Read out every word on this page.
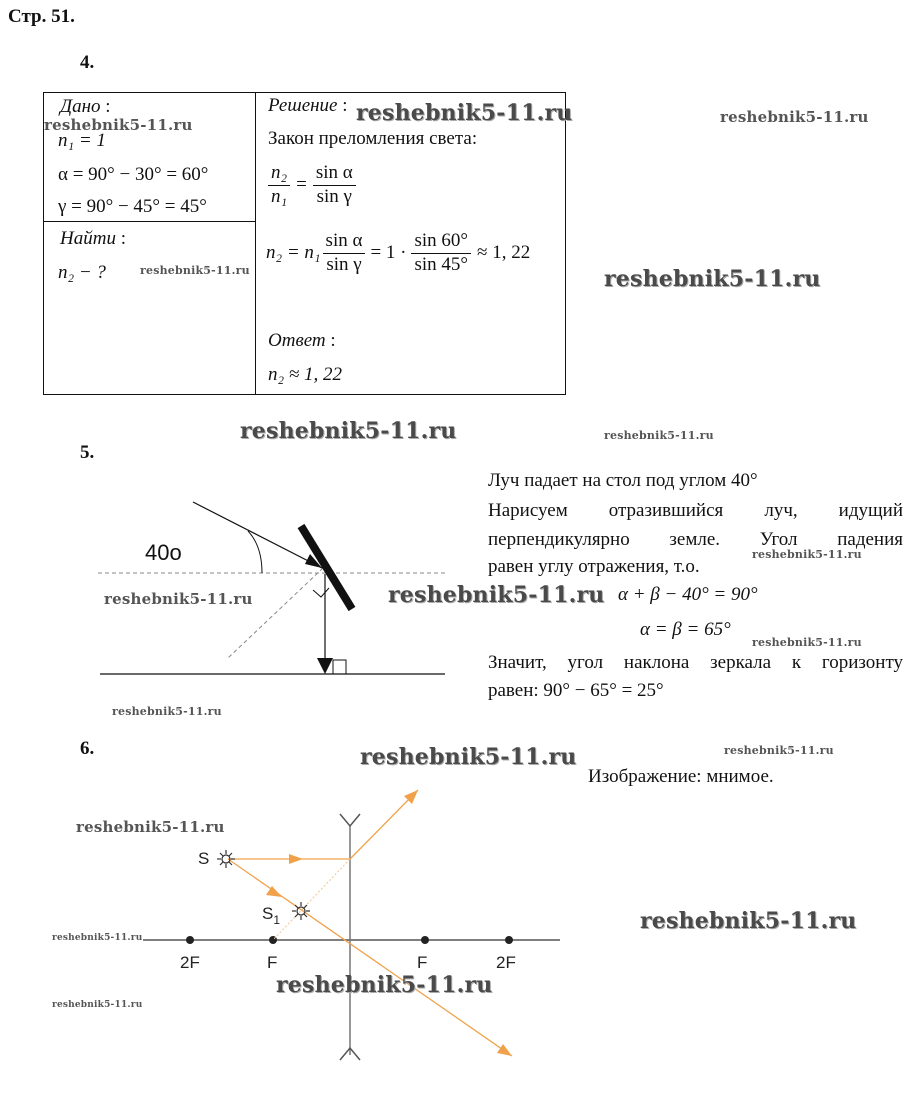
Стр. 51.
4.
Дано :
n₁ = 1
α = 90° − 30° = 60°
γ = 90° − 45° = 45°
Найти :
n₂ − ?
Решение :
Закон преломления света:
$\frac{\text{n₂}}{\text{n₁}} = \frac{\text{sin α}}{\text{sin γ}}$
$n_2 = n_1 \frac{\text{sin α}}{\text{sin γ}} = 1 \cdot \frac{\sin 60^\circ}{\sin 45^\circ} \approx 1$, 22
Ответ :
n₂ ≈ 1, 22
5.
40o
Луч падает на стол под углом 40°
Нарисуем отразившийся луч, идущий
перпендикулярно земле. Угол падения
равен углу отражения, т.о.
α + β − 40° = 90°
α = β = 65°
Значит, угол наклона зеркала к горизонту
равен: 90° − 65° = 25°
6.
Изображение: мнимое.
2F	F	F	2F
S
$S_1$
reshebnik5-11.ru	reshebnik5-11.ru	reshebnik5-11.ru
reshebnik5-11.ru	reshebnik5-11.ru
reshebnik5-11.ru	reshebnik5-11.ru
reshebnik5-11.ru
reshebnik5-11.ru	reshebnik5-11.ru
reshebnik5-11.ru
reshebnik5-11.ru
reshebnik5-11.ru	reshebnik5-11.ru
reshebnik5-11.ru
reshebnik5-11.ru
reshebnik5-11.ru
reshebnik5-11.ru
reshebnik5-11.ru
